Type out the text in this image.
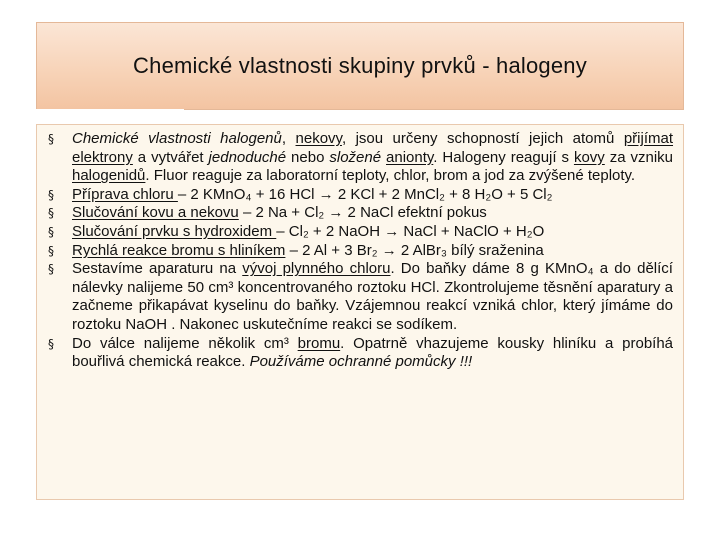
Chemické vlastnosti skupiny prvků - halogeny
§ Chemické vlastnosti halogenů, nekovy, jsou určeny schopností jejich atomů přijímat elektrony a vytvářet jednoduché nebo složené anionty. Halogeny reagují s kovy za vzniku halogenidů. Fluor reaguje za laboratorní teploty, chlor, brom a jod za zvýšené teploty.
§ Příprava chloru – 2 KMnO₄ + 16 HCl → 2 KCl + 2 MnCl₂ + 8 H₂O + 5 Cl₂
§ Slučování kovu a nekovu – 2 Na + Cl₂ → 2 NaCl efektní pokus
§ Slučování prvku s hydroxidem – Cl₂ + 2 NaOH → NaCl + NaClO + H₂O
§ Rychlá reakce bromu s hliníkem – 2 Al + 3 Br₂ → 2 AlBr₃ bílý sraženina
§ Sestavíme aparaturu na vývoj plynného chloru. Do baňky dáme 8 g KMnO₄ a do dělící nálevky nalijeme 50 cm³ koncentrovaného roztoku HCl. Zkontrolujeme těsnění aparatury a začneme přikapávat kyselinu do baňky. Vzájemnou reakcí vzniká chlor, který jímáme do roztoku NaOH . Nakonec uskutečníme reakci se sodíkem.
§ Do válce nalijeme několik cm³ bromu. Opatrně vhazujeme kousky hliníku a probíhá bouřlivá chemická reakce. Používáme ochranné pomůcky !!!
